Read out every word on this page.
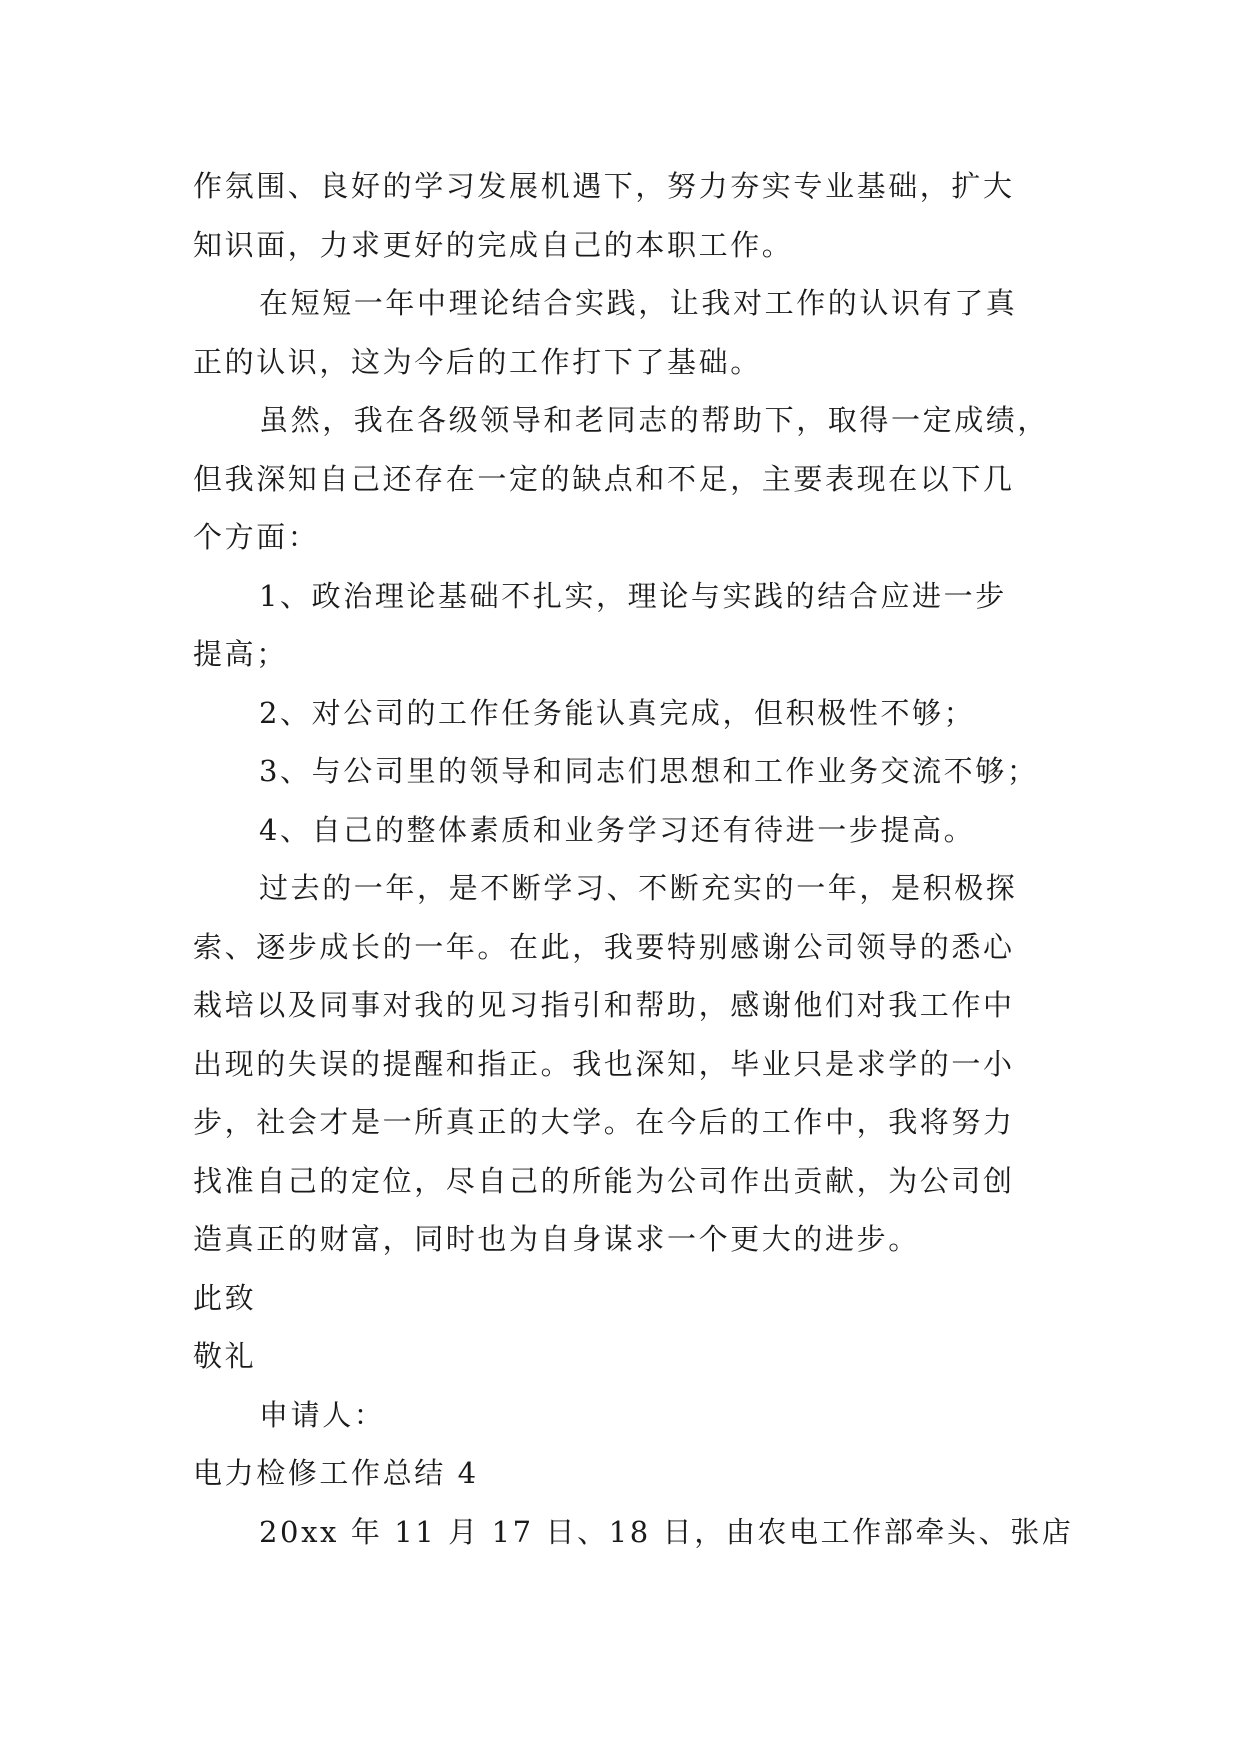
作氛围、良好的学习发展机遇下，努力夯实专业基础，扩大
知识面，力求更好的完成自己的本职工作。
在短短一年中理论结合实践，让我对工作的认识有了真
正的认识，这为今后的工作打下了基础。
虽然，我在各级领导和老同志的帮助下，取得一定成绩，
但我深知自己还存在一定的缺点和不足，主要表现在以下几
个方面：
1、政治理论基础不扎实，理论与实践的结合应进一步
提高；
2、对公司的工作任务能认真完成，但积极性不够；
3、与公司里的领导和同志们思想和工作业务交流不够；
4、自己的整体素质和业务学习还有待进一步提高。
过去的一年，是不断学习、不断充实的一年，是积极探
索、逐步成长的一年。在此，我要特别感谢公司领导的悉心
栽培以及同事对我的见习指引和帮助，感谢他们对我工作中
出现的失误的提醒和指正。我也深知，毕业只是求学的一小
步，社会才是一所真正的大学。在今后的工作中，我将努力
找准自己的定位，尽自己的所能为公司作出贡献，为公司创
造真正的财富，同时也为自身谋求一个更大的进步。
此致
敬礼
申请人：
电力检修工作总结 4
20xx 年 11 月 17 日、18 日，由农电工作部牵头、张店
